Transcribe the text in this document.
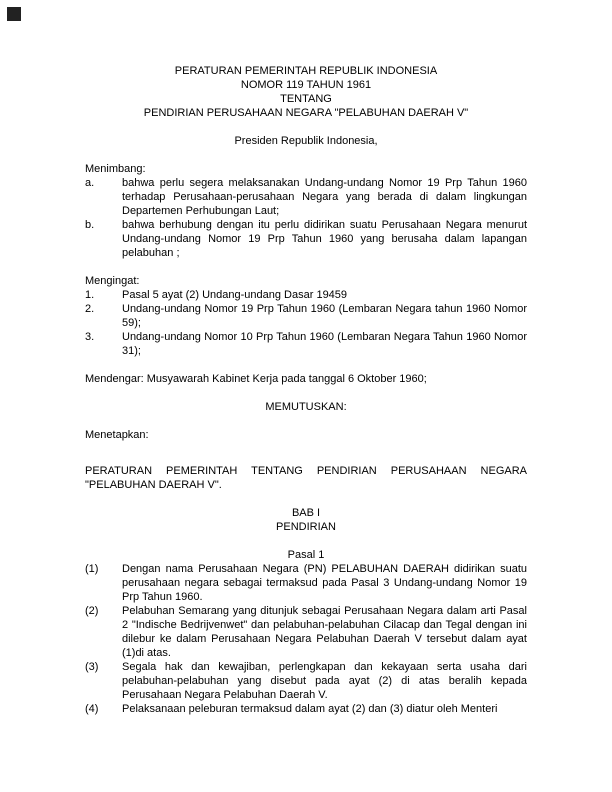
PERATURAN PEMERINTAH REPUBLIK INDONESIA
NOMOR 119 TAHUN 1961
TENTANG
PENDIRIAN PERUSAHAAN NEGARA "PELABUHAN DAERAH V"
Presiden Republik Indonesia,
Menimbang:
a.	bahwa perlu segera melaksanakan Undang-undang Nomor 19 Prp Tahun 1960 terhadap Perusahaan-perusahaan Negara yang berada di dalam lingkungan Departemen Perhubungan Laut;
b.	bahwa berhubung dengan itu perlu didirikan suatu Perusahaan Negara menurut Undang-undang Nomor 19 Prp Tahun 1960 yang berusaha dalam lapangan pelabuhan ;
Mengingat:
1.	Pasal 5 ayat (2) Undang-undang Dasar 19459
2.	Undang-undang Nomor 19 Prp Tahun 1960 (Lembaran Negara tahun 1960 Nomor 59);
3.	Undang-undang Nomor 10 Prp Tahun 1960 (Lembaran Negara Tahun 1960 Nomor 31);
Mendengar: Musyawarah Kabinet Kerja pada tanggal 6 Oktober 1960;
MEMUTUSKAN:
Menetapkan:
PERATURAN PEMERINTAH TENTANG PENDIRIAN PERUSAHAAN NEGARA "PELABUHAN DAERAH V".
BAB I
PENDIRIAN
Pasal 1
(1)	Dengan nama Perusahaan Negara (PN) PELABUHAN DAERAH didirikan suatu perusahaan negara sebagai termaksud pada Pasal 3 Undang-undang Nomor 19 Prp Tahun 1960.
(2)	Pelabuhan Semarang yang ditunjuk sebagai Perusahaan Negara dalam arti Pasal 2 "Indische Bedrijvenwet" dan pelabuhan-pelabuhan Cilacap dan Tegal dengan ini dilebur ke dalam Perusahaan Negara Pelabuhan Daerah V tersebut dalam ayat (1)di atas.
(3)	Segala hak dan kewajiban, perlengkapan dan kekayaan serta usaha dari pelabuhan-pelabuhan yang disebut pada ayat (2) di atas beralih kepada Perusahaan Negara Pelabuhan Daerah V.
(4)	Pelaksanaan peleburan termaksud dalam ayat (2) dan (3) diatur oleh Menteri
